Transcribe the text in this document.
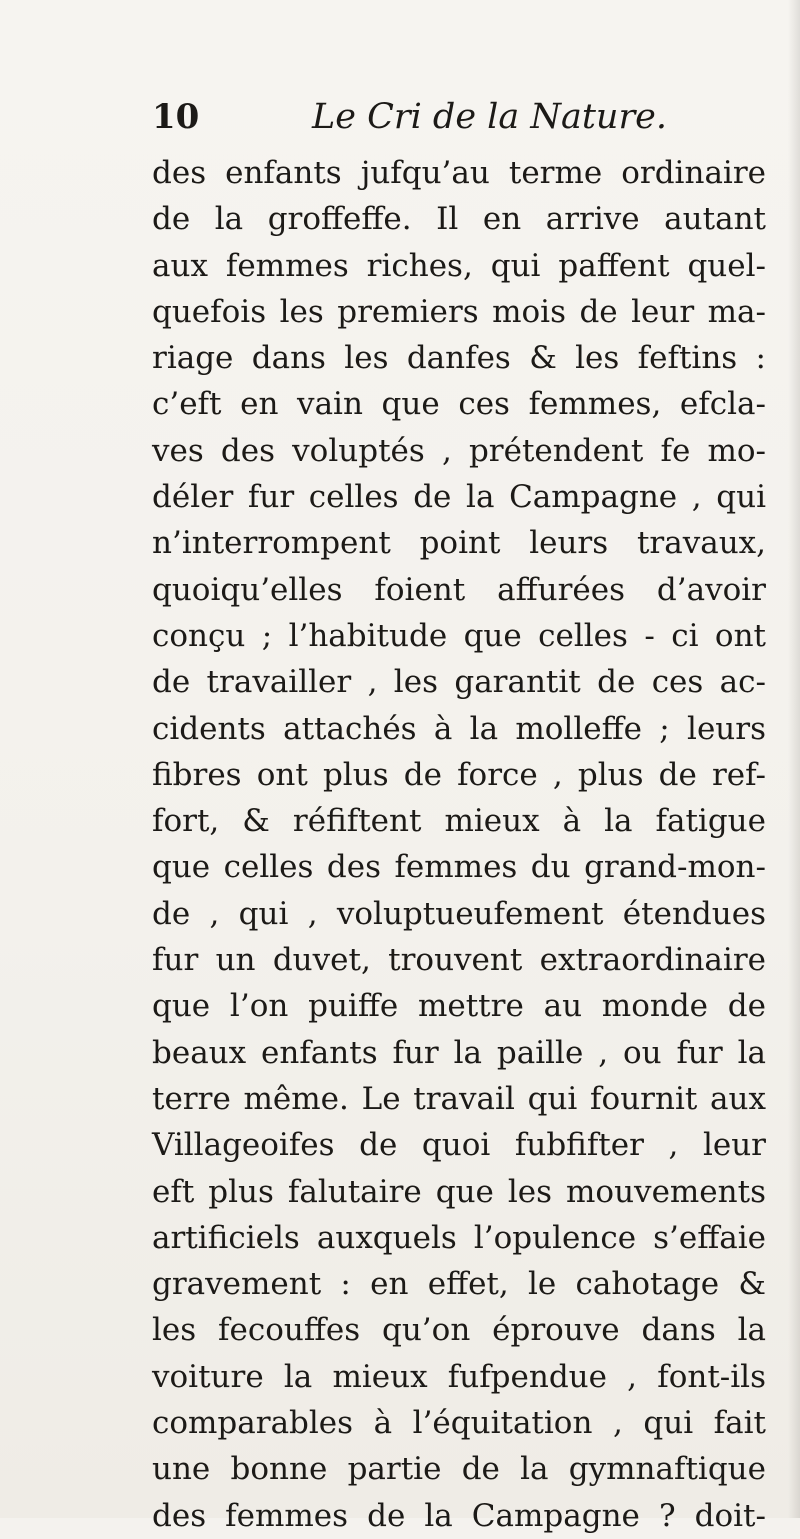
10	Le Cri de la Nature.
des enfants jufqu’au terme ordinaire
de la groffeffe. Il en arrive autant
aux femmes riches, qui paffent quel-
quefois les premiers mois de leur ma-
riage dans les danfes & les feftins :
c’eft en vain que ces femmes, efcla-
ves des voluptés , prétendent fe mo-
déler fur celles de la Campagne , qui
n’interrompent point leurs travaux,
quoiqu’elles foient affurées d’avoir
conçu ; l’habitude que celles - ci ont
de travailler , les garantit de ces ac-
cidents attachés à la molleffe ; leurs
fibres ont plus de force , plus de ref-
fort, & réfiftent mieux à la fatigue
que celles des femmes du grand-mon-
de , qui , voluptueufement étendues
fur un duvet, trouvent extraordinaire
que l’on puiffe mettre au monde de
beaux enfants fur la paille , ou fur la
terre même. Le travail qui fournit aux
Villageoifes de quoi fubfifter , leur
eft plus falutaire que les mouvements
artificiels auxquels l’opulence s’effaie
gravement : en effet, le cahotage &
les fecouffes qu’on éprouve dans la
voiture la mieux fufpendue , font-ils
comparables à l’équitation , qui fait
une bonne partie de la gymnaftique
des femmes de la Campagne ? doit-
